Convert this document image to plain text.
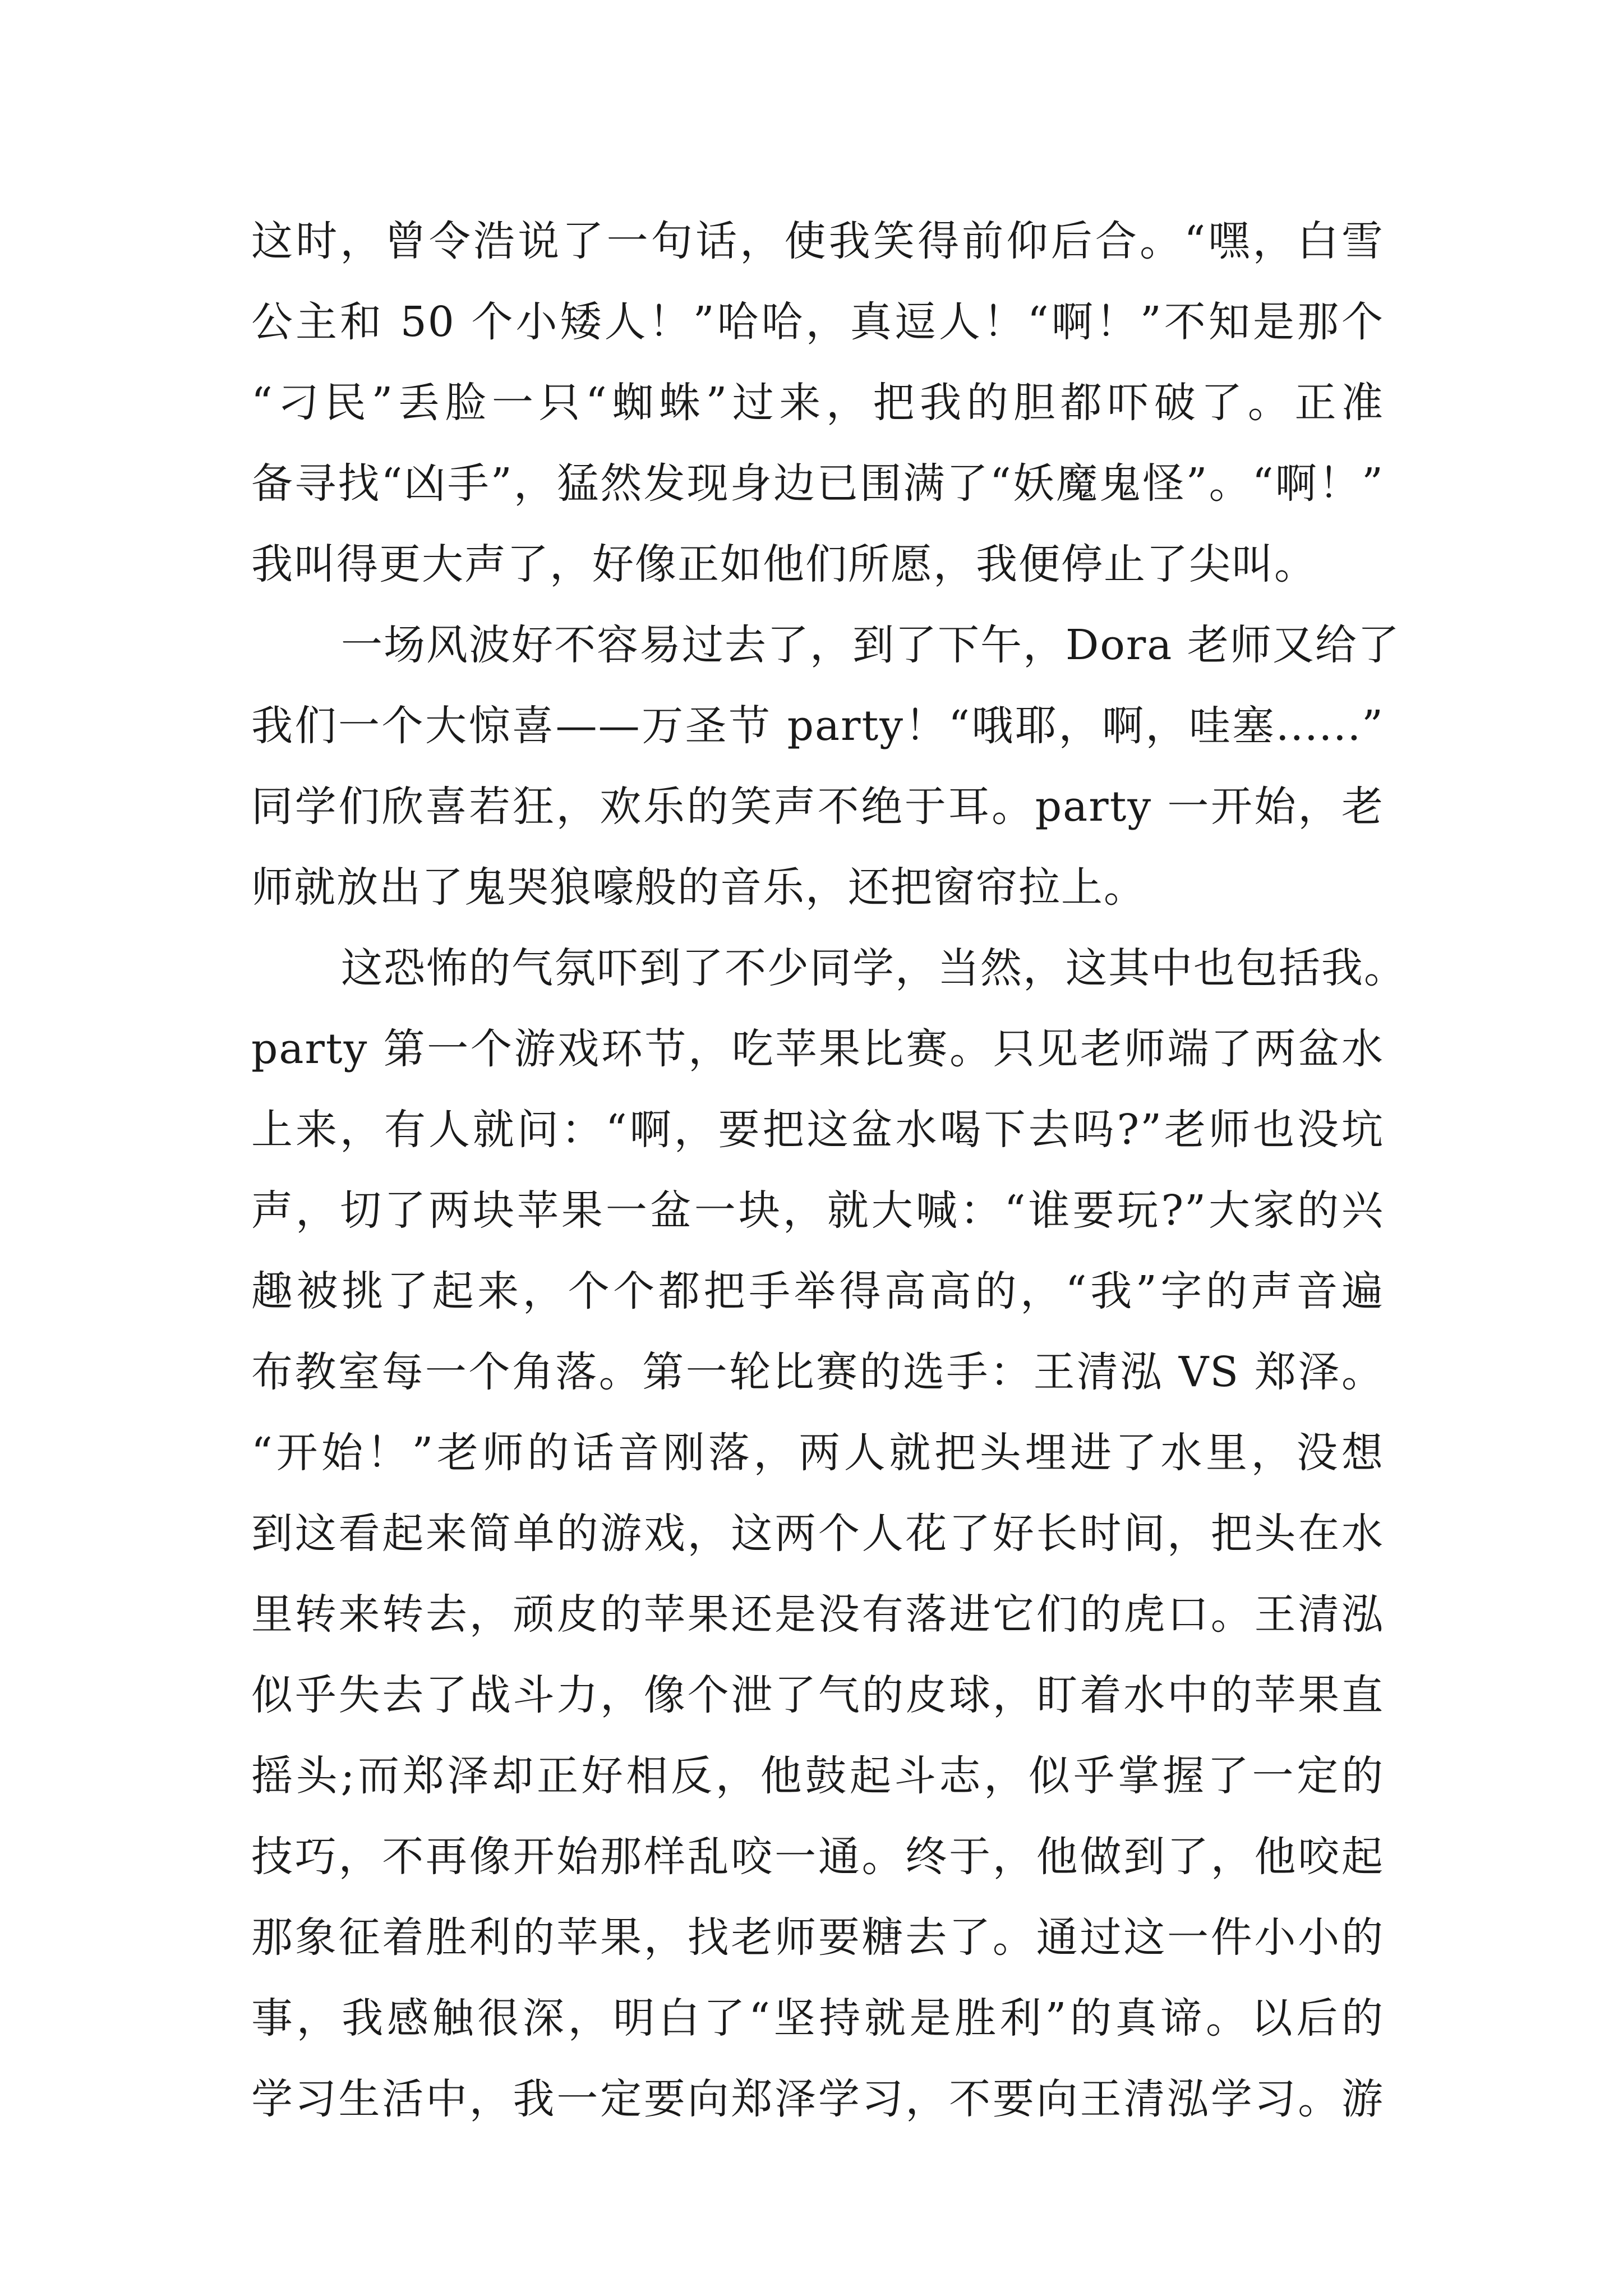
这时，曾令浩说了一句话，使我笑得前仰后合。“嘿，白雪
公主和 50 个小矮人！”哈哈，真逗人！“啊！”不知是那个
“刁民”丢脸一只“蜘蛛”过来，把我的胆都吓破了。正准
备寻找“凶手”，猛然发现身边已围满了“妖魔鬼怪”。“啊！”
我叫得更大声了，好像正如他们所愿，我便停止了尖叫。
一场风波好不容易过去了，到了下午，Dora 老师又给了
我们一个大惊喜——万圣节 party！“哦耶，啊，哇塞......”
同学们欣喜若狂，欢乐的笑声不绝于耳。party 一开始，老
师就放出了鬼哭狼嚎般的音乐，还把窗帘拉上。
这恐怖的气氛吓到了不少同学，当然，这其中也包括我。
party 第一个游戏环节，吃苹果比赛。只见老师端了两盆水
上来，有人就问：“啊，要把这盆水喝下去吗?”老师也没坑
声，切了两块苹果一盆一块，就大喊：“谁要玩?”大家的兴
趣被挑了起来，个个都把手举得高高的，“我”字的声音遍
布教室每一个角落。第一轮比赛的选手：王清泓 VS 郑泽。
“开始！”老师的话音刚落，两人就把头埋进了水里，没想
到这看起来简单的游戏，这两个人花了好长时间，把头在水
里转来转去，顽皮的苹果还是没有落进它们的虎口。王清泓
似乎失去了战斗力，像个泄了气的皮球，盯着水中的苹果直
摇头;而郑泽却正好相反，他鼓起斗志，似乎掌握了一定的
技巧，不再像开始那样乱咬一通。终于，他做到了，他咬起
那象征着胜利的苹果，找老师要糖去了。通过这一件小小的
事，我感触很深，明白了“坚持就是胜利”的真谛。以后的
学习生活中，我一定要向郑泽学习，不要向王清泓学习。游
